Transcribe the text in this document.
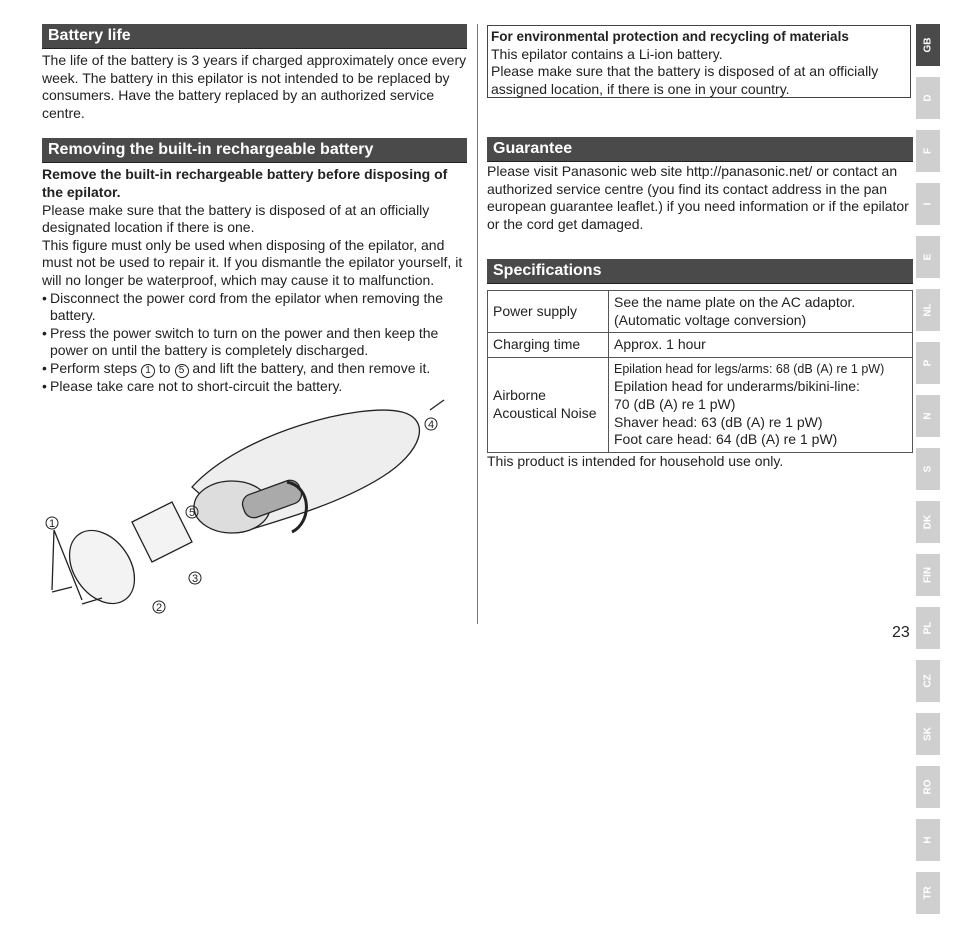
Battery life

The life of the battery is 3 years if charged approximately once every week. The battery in this epilator is not intended to be replaced by consumers. Have the battery replaced by an authorized service centre.

Removing the built-in rechargeable battery

Remove the built-in rechargeable battery before disposing of the epilator.

Please make sure that the battery is disposed of at an officially designated location if there is one.

This figure must only be used when disposing of the epilator, and must not be used to repair it. If you dismantle the epilator yourself, it will no longer be waterproof, which may cause it to malfunction.

• Disconnect the power cord from the epilator when removing the battery.
• Press the power switch to turn on the power and then keep the power on until the battery is completely discharged.
• Perform steps 1 to 5 and lift the battery, and then remove it.
• Please take care not to short-circuit the battery.
1
2
3
4
5

For environmental protection and recycling of materials

This epilator contains a Li-ion battery.

Please make sure that the battery is disposed of at an officially assigned location, if there is one in your country.

Guarantee

Please visit Panasonic web site http://panasonic.net/ or contact an authorized service centre (you find its contact address in the pan european guarantee leaflet.) if you need information or if the epilator or the cord get damaged.

Specifications
Power supply	See the name plate on the AC adaptor. (Automatic voltage conversion)
Charging time	Approx. 1 hour
Airborne Acoustical Noise	Epilation head for legs/arms: 68 (dB (A) re 1 pW)
Epilation head for underarms/bikini-line:
70 (dB (A) re 1 pW)
Shaver head: 63 (dB (A) re 1 pW)
Foot care head: 64 (dB (A) re 1 pW)

This product is intended for household use only.

GB
D
F
I
E
NL
P
N
S
DK
FIN
PL
CZ
SK
RO
H
TR
23
